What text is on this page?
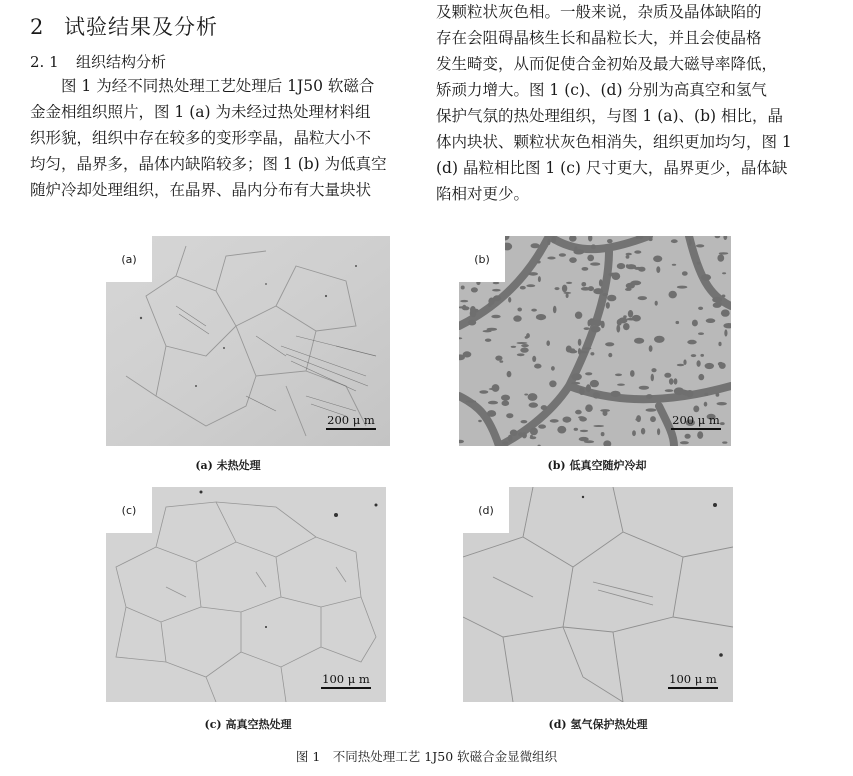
2 试验结果及分析
2. 1 组织结构分析
图 1 为经不同热处理工艺处理后 1J50 软磁合
金金相组织照片，图 1 (a) 为未经过热处理材料组
织形貌，组织中存在较多的变形孪晶，晶粒大小不
均匀，晶界多，晶体内缺陷较多；图 1 (b) 为低真空
随炉冷却处理组织，在晶界、晶内分布有大量块状
及颗粒状灰色相。一般来说，杂质及晶体缺陷的
存在会阻碍晶核生长和晶粒长大，并且会使晶格
发生畸变，从而促使合金初始及最大磁导率降低，
矫顽力增大。图 1 (c)、(d) 分别为高真空和氢气
保护气氛的热处理组织，与图 1 (a)、(b) 相比，晶
体内块状、颗粒状灰色相消失，组织更加均匀，图 1
(d) 晶粒相比图 1 (c) 尺寸更大，晶界更少，晶体缺
陷相对更少。
(a)
200 μ m
(b)
200 μ m
(c)
100 μ m
(d)
100 μ m
(a) 未热处理	(b) 低真空随炉冷却
(c) 高真空热处理	(d) 氢气保护热处理
图 1　不同热处理工艺 1J50 软磁合金显微组织
